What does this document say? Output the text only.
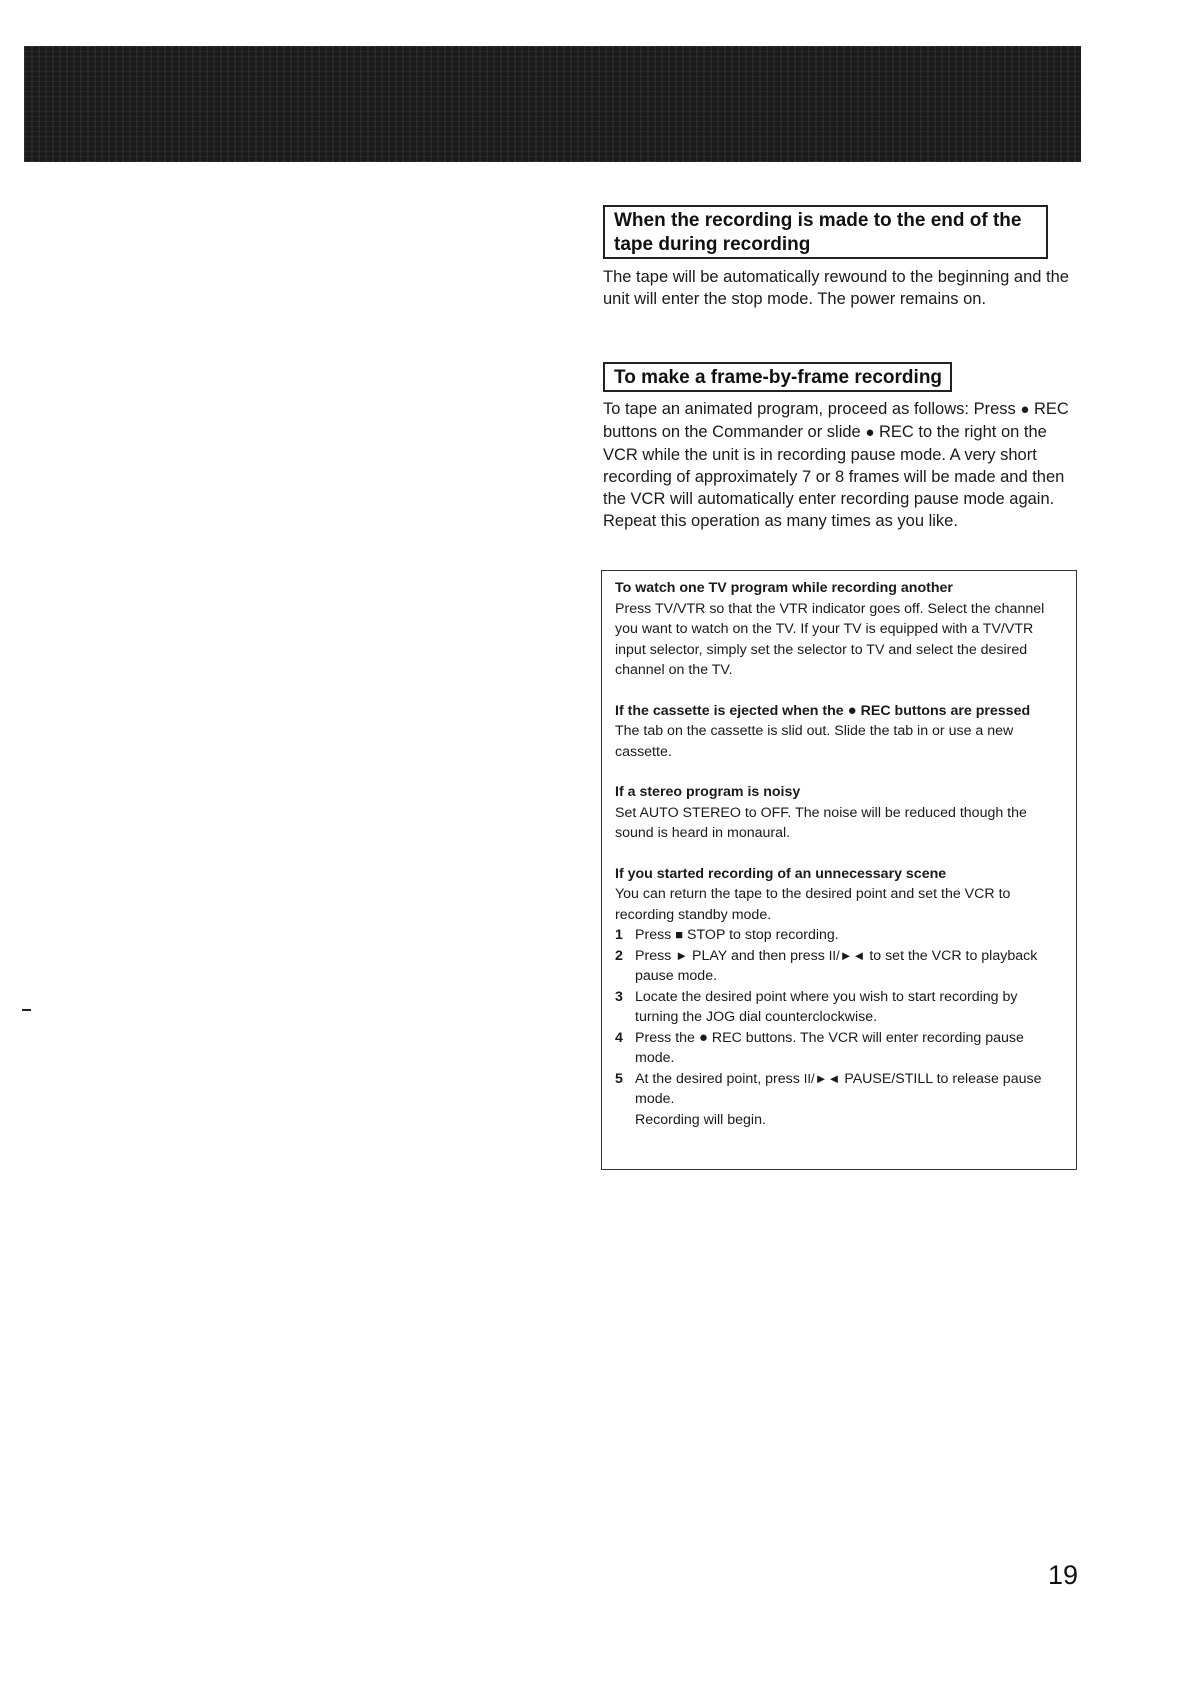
When the recording is made to the end of the tape during recording

The tape will be automatically rewound to the beginning and the unit will enter the stop mode. The power remains on.

To make a frame-by-frame recording

To tape an animated program, proceed as follows: Press ● REC buttons on the Commander or slide ● REC to the right on the VCR while the unit is in recording pause mode. A very short recording of approximately 7 or 8 frames will be made and then the VCR will automatically enter recording pause mode again. Repeat this operation as many times as you like.

To watch one TV program while recording another
Press TV/VTR so that the VTR indicator goes off. Select the channel you want to watch on the TV. If your TV is equipped with a TV/VTR input selector, simply set the selector to TV and select the desired channel on the TV.
If the cassette is ejected when the ● REC buttons are pressed
The tab on the cassette is slid out. Slide the tab in or use a new cassette.
If a stereo program is noisy
Set AUTO STEREO to OFF. The noise will be reduced though the sound is heard in monaural.
If you started recording of an unnecessary scene
You can return the tape to the desired point and set the VCR to recording standby mode.
1 Press ■ STOP to stop recording.
2 Press ► PLAY and then press II/►◄ to set the VCR to playback pause mode.
3 Locate the desired point where you wish to start recording by turning the JOG dial counterclockwise.
4 Press the ● REC buttons. The VCR will enter recording pause mode.
5 At the desired point, press II/►◄ PAUSE/STILL to release pause mode.
Recording will begin.
19
